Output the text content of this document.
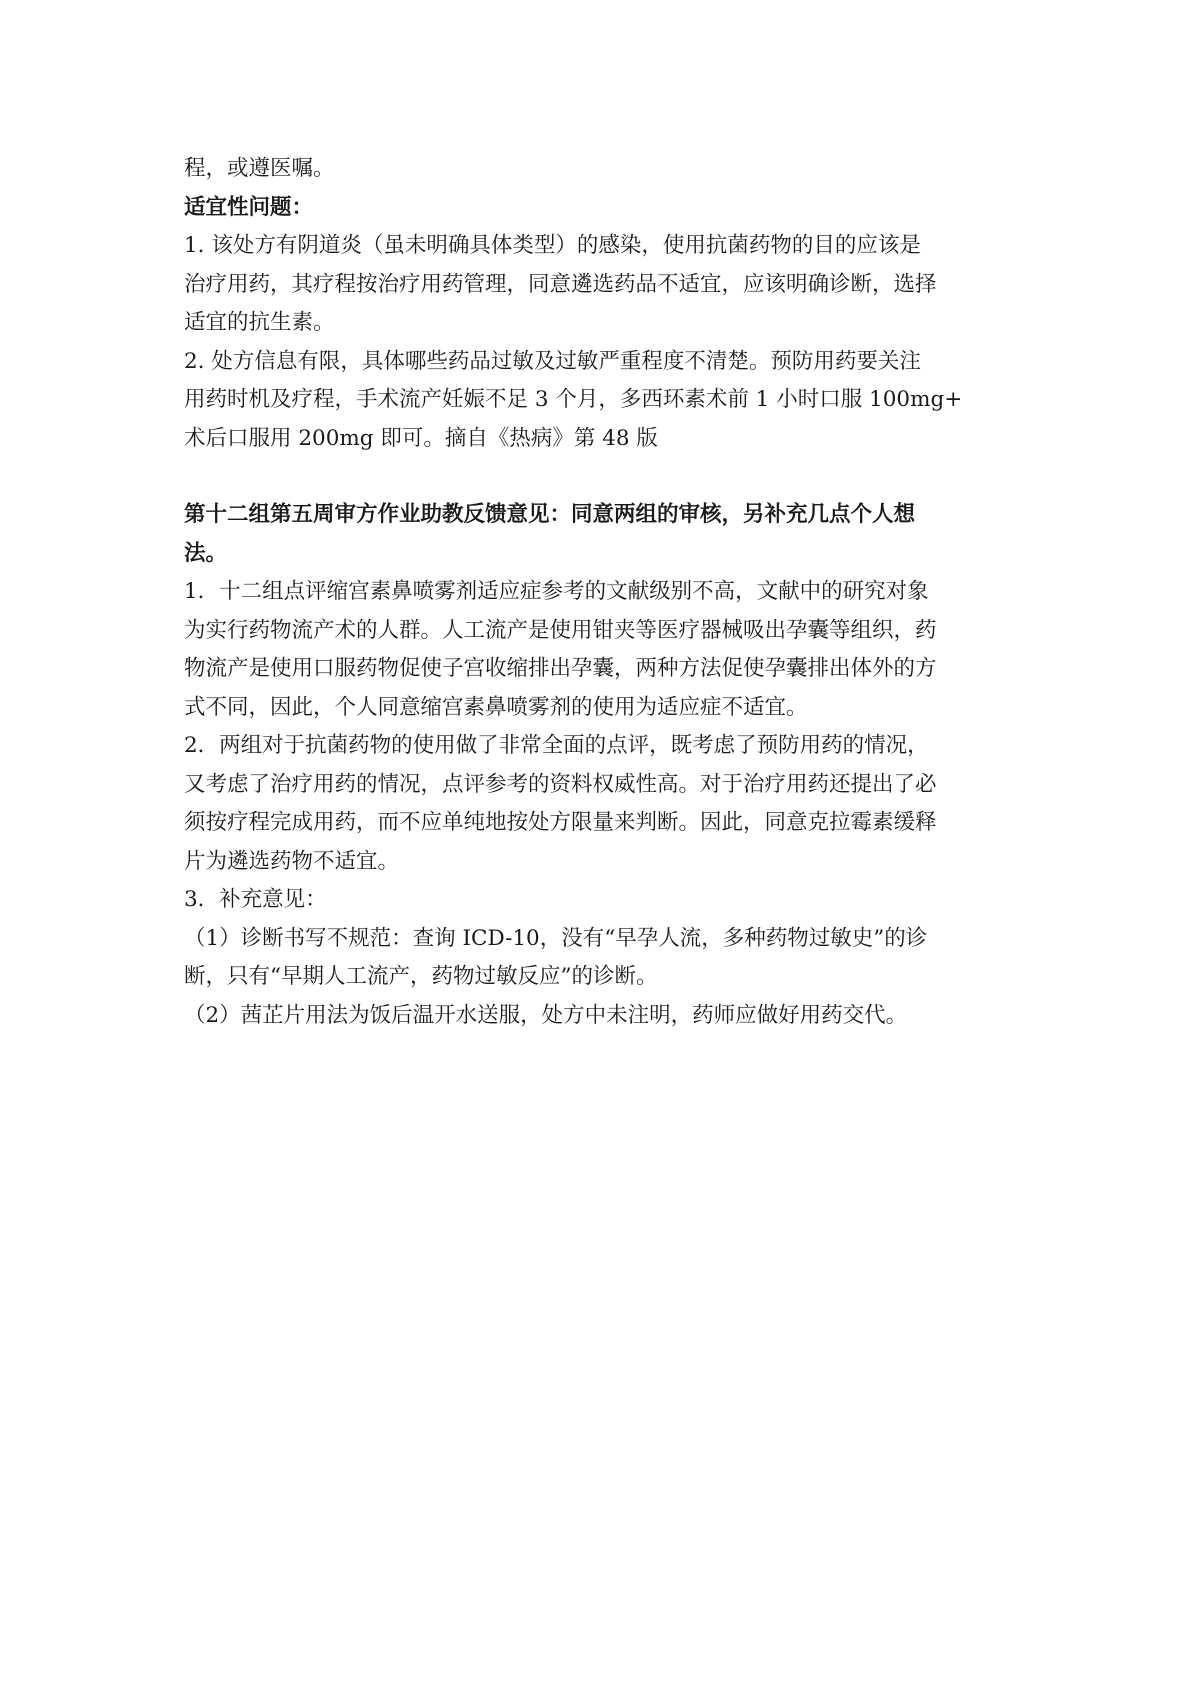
程，或遵医嘱。
适宜性问题：
1. 该处方有阴道炎（虽未明确具体类型）的感染，使用抗菌药物的目的应该是
治疗用药，其疗程按治疗用药管理，同意遴选药品不适宜，应该明确诊断，选择
适宜的抗生素。
2. 处方信息有限，具体哪些药品过敏及过敏严重程度不清楚。预防用药要关注
用药时机及疗程，手术流产妊娠不足 3 个月，多西环素术前 1 小时口服 100mg+
术后口服用 200mg 即可。摘自《热病》第 48 版
第十二组第五周审方作业助教反馈意见：同意两组的审核，另补充几点个人想
法。
1．十二组点评缩宫素鼻喷雾剂适应症参考的文献级别不高，文献中的研究对象
为实行药物流产术的人群。人工流产是使用钳夹等医疗器械吸出孕囊等组织，药
物流产是使用口服药物促使子宫收缩排出孕囊，两种方法促使孕囊排出体外的方
式不同，因此，个人同意缩宫素鼻喷雾剂的使用为适应症不适宜。
2．两组对于抗菌药物的使用做了非常全面的点评，既考虑了预防用药的情况，
又考虑了治疗用药的情况，点评参考的资料权威性高。对于治疗用药还提出了必
须按疗程完成用药，而不应单纯地按处方限量来判断。因此，同意克拉霉素缓释
片为遴选药物不适宜。
3．补充意见：
（1）诊断书写不规范：查询 ICD-10，没有“早孕人流，多种药物过敏史”的诊
断，只有“早期人工流产，药物过敏反应”的诊断。
（2）茜芷片用法为饭后温开水送服，处方中未注明，药师应做好用药交代。
